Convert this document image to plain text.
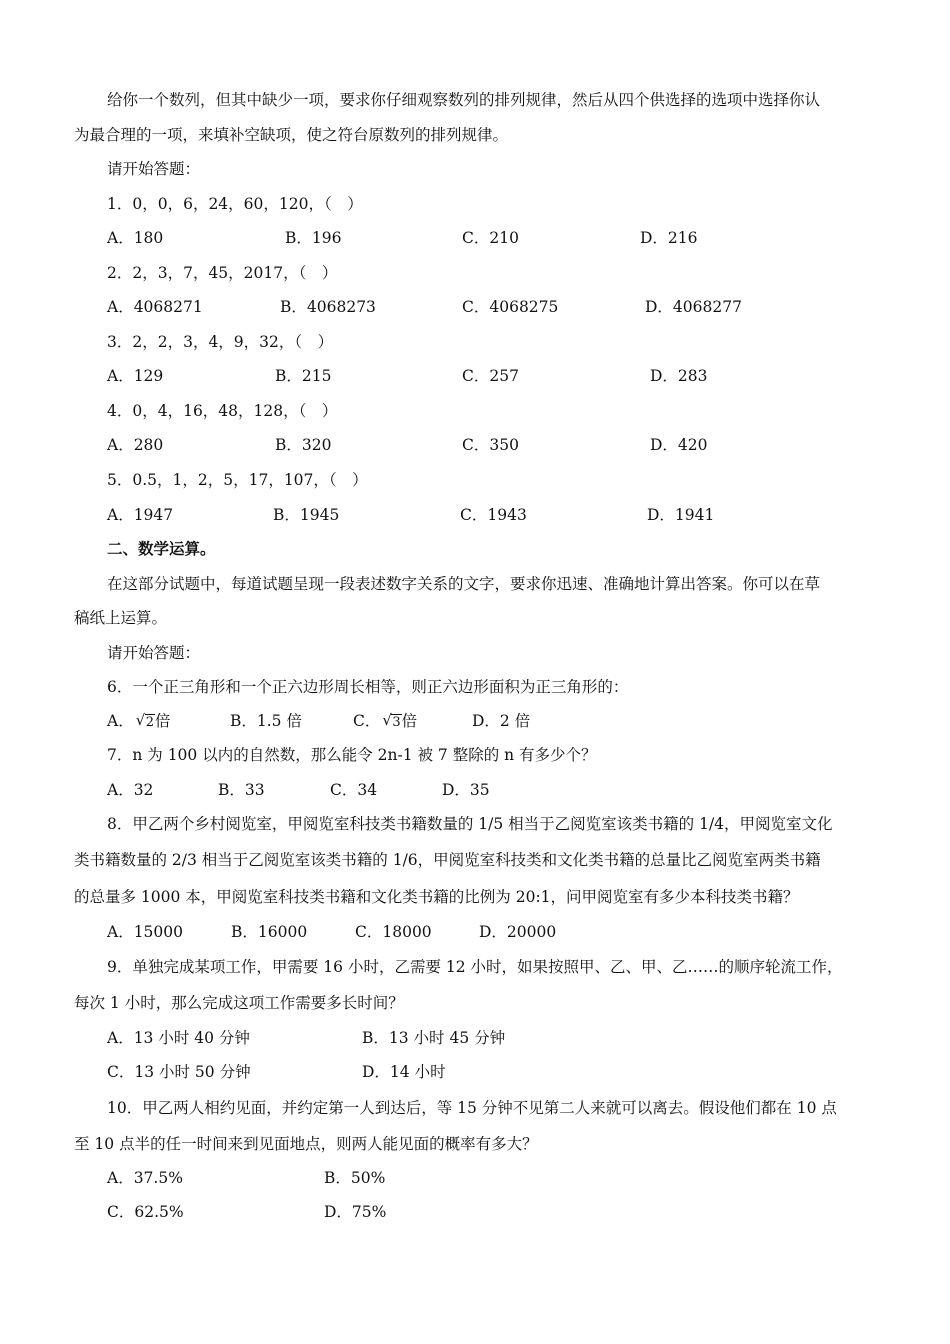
给你一个数列，但其中缺少一项，要求你仔细观察数列的排列规律，然后从四个供选择的选项中选择你认
为最合理的一项，来填补空缺项，使之符台原数列的排列规律。
请开始答题：
1．0，0，6，24，60，120，（　）
A．180	B．196	C．210	D．216
2．2，3，7，45，2017，（　）
A．4068271	B．4068273	C．4068275	D．4068277
3．2，2，3，4，9，32，（　）
A．129	B．215	C．257	D．283
4．0，4，16，48，128，（　）
A．280	B．320	C．350	D．420
5．0.5，1，2，5，17，107，（　）
A．1947	B．1945	C．1943	D．1941
二、数学运算。
在这部分试题中，每道试题呈现一段表述数字关系的文字，要求你迅速、准确地计算出答案。你可以在草
稿纸上运算。
请开始答题：
6．一个正三角形和一个正六边形周长相等，则正六边形面积为正三角形的：
A． √ 2倍	B．1.5 倍	C． √ 3倍	D．2 倍
7．n 为 100 以内的自然数，那么能令 2n-1 被 7 整除的 n 有多少个？
A．32	B．33	C．34	D．35
8．甲乙两个乡村阅览室，甲阅览室科技类书籍数量的 1/5 相当于乙阅览室该类书籍的 1/4，甲阅览室文化
类书籍数量的 2/3 相当于乙阅览室该类书籍的 1/6，甲阅览室科技类和文化类书籍的总量比乙阅览室两类书籍
的总量多 1000 本，甲阅览室科技类书籍和文化类书籍的比例为 20:1，问甲阅览室有多少本科技类书籍？
A．15000	B．16000	C．18000	D．20000
9．单独完成某项工作，甲需要 16 小时，乙需要 12 小时，如果按照甲、乙、甲、乙……的顺序轮流工作，
每次 1 小时，那么完成这项工作需要多长时间？
A．13 小时 40 分钟	B．13 小时 45 分钟
C．13 小时 50 分钟	D．14 小时
10．甲乙两人相约见面，并约定第一人到达后，等 15 分钟不见第二人来就可以离去。假设他们都在 10 点
至 10 点半的任一时间来到见面地点，则两人能见面的概率有多大？
A．37.5%	B．50%
C．62.5%	D．75%
